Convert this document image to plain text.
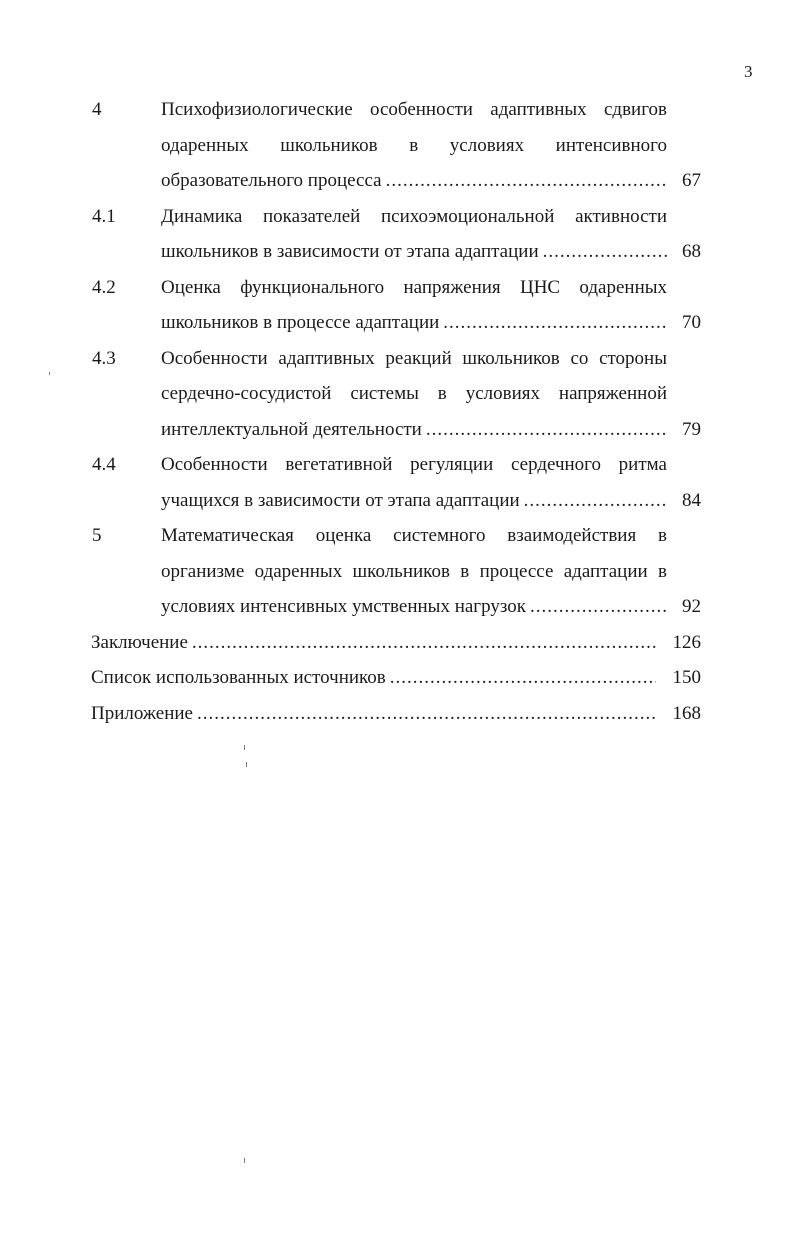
3
4	Психофизиологические особенности адаптивных сдвигов
одаренных школьников в условиях интенсивного
образовательного процесса .....	67
4.1 Динамика показателей психоэмоциональной активности
школьников в зависимости от этапа адаптации .....	68
4.2 Оценка функционального напряжения ЦНС одаренных
школьников в процессе адаптации .....	70
4.3 Особенности адаптивных реакций школьников со стороны
сердечно-сосудистой системы в условиях напряженной
интеллектуальной деятельности .....	79
4.4 Особенности вегетативной регуляции сердечного ритма
учащихся в зависимости от этапа адаптации .....	84
5	Математическая оценка системного взаимодействия в
организме одаренных школьников в процессе адаптации в
условиях интенсивных умственных нагрузок .....	92
Заключение .....	126
Список использованных источников .....	150
Приложение .....	168
